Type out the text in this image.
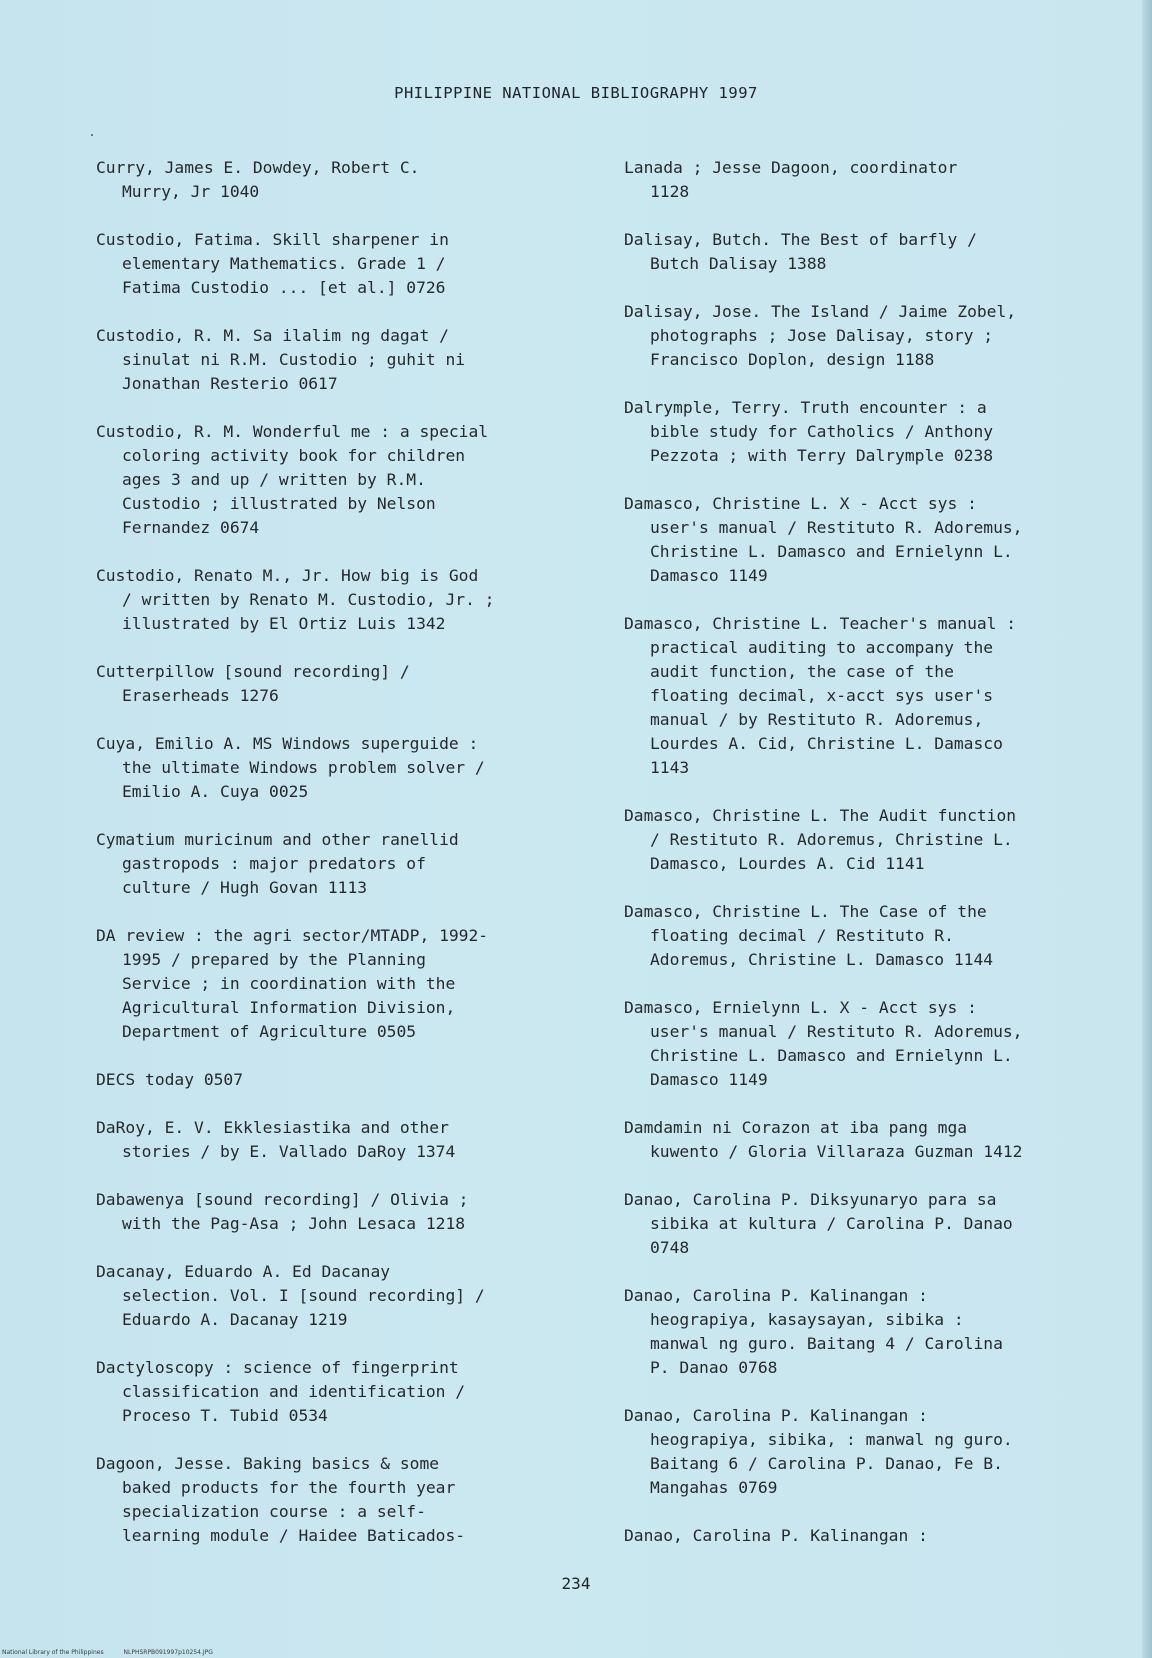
PHILIPPINE NATIONAL BIBLIOGRAPHY 1997

Curry, James E. Dowdey, Robert C.
Murry, Jr 1040

Custodio, Fatima. Skill sharpener in
elementary Mathematics. Grade 1 /
Fatima Custodio ... [et al.] 0726

Custodio, R. M. Sa ilalim ng dagat /
sinulat ni R.M. Custodio ; guhit ni
Jonathan Resterio 0617

Custodio, R. M. Wonderful me : a special
coloring activity book for children
ages 3 and up / written by R.M.
Custodio ; illustrated by Nelson
Fernandez 0674

Custodio, Renato M., Jr. How big is God
/ written by Renato M. Custodio, Jr. ;
illustrated by El Ortiz Luis 1342

Cutterpillow [sound recording] /
Eraserheads 1276

Cuya, Emilio A. MS Windows superguide :
the ultimate Windows problem solver /
Emilio A. Cuya 0025

Cymatium muricinum and other ranellid
gastropods : major predators of
culture / Hugh Govan 1113

DA review : the agri sector/MTADP, 1992-
1995 / prepared by the Planning
Service ; in coordination with the
Agricultural Information Division,
Department of Agriculture 0505

DECS today 0507

DaRoy, E. V. Ekklesiastika and other
stories / by E. Vallado DaRoy 1374

Dabawenya [sound recording] / Olivia ;
with the Pag-Asa ; John Lesaca 1218

Dacanay, Eduardo A. Ed Dacanay
selection. Vol. I [sound recording] /
Eduardo A. Dacanay 1219

Dactyloscopy : science of fingerprint
classification and identification /
Proceso T. Tubid 0534

Dagoon, Jesse. Baking basics & some
baked products for the fourth year
specialization course : a self-
learning module / Haidee Baticados-

Lanada ; Jesse Dagoon, coordinator
1128

Dalisay, Butch. The Best of barfly /
Butch Dalisay 1388

Dalisay, Jose. The Island / Jaime Zobel,
photographs ; Jose Dalisay, story ;
Francisco Doplon, design 1188

Dalrymple, Terry. Truth encounter : a
bible study for Catholics / Anthony
Pezzota ; with Terry Dalrymple 0238

Damasco, Christine L. X - Acct sys :
user's manual / Restituto R. Adoremus,
Christine L. Damasco and Ernielynn L.
Damasco 1149

Damasco, Christine L. Teacher's manual :
practical auditing to accompany the
audit function, the case of the
floating decimal, x-acct sys user's
manual / by Restituto R. Adoremus,
Lourdes A. Cid, Christine L. Damasco
1143

Damasco, Christine L. The Audit function
/ Restituto R. Adoremus, Christine L.
Damasco, Lourdes A. Cid 1141

Damasco, Christine L. The Case of the
floating decimal / Restituto R.
Adoremus, Christine L. Damasco 1144

Damasco, Ernielynn L. X - Acct sys :
user's manual / Restituto R. Adoremus,
Christine L. Damasco and Ernielynn L.
Damasco 1149

Damdamin ni Corazon at iba pang mga
kuwento / Gloria Villaraza Guzman 1412

Danao, Carolina P. Diksyunaryo para sa
sibika at kultura / Carolina P. Danao
0748

Danao, Carolina P. Kalinangan :
heograpiya, kasaysayan, sibika :
manwal ng guro. Baitang 4 / Carolina
P. Danao 0768

Danao, Carolina P. Kalinangan :
heograpiya, sibika, : manwal ng guro.
Baitang 6 / Carolina P. Danao, Fe B.
Mangahas 0769

Danao, Carolina P. Kalinangan :

234
National Library of the Philippines	NLPHSRPB091997p10254.JPG
